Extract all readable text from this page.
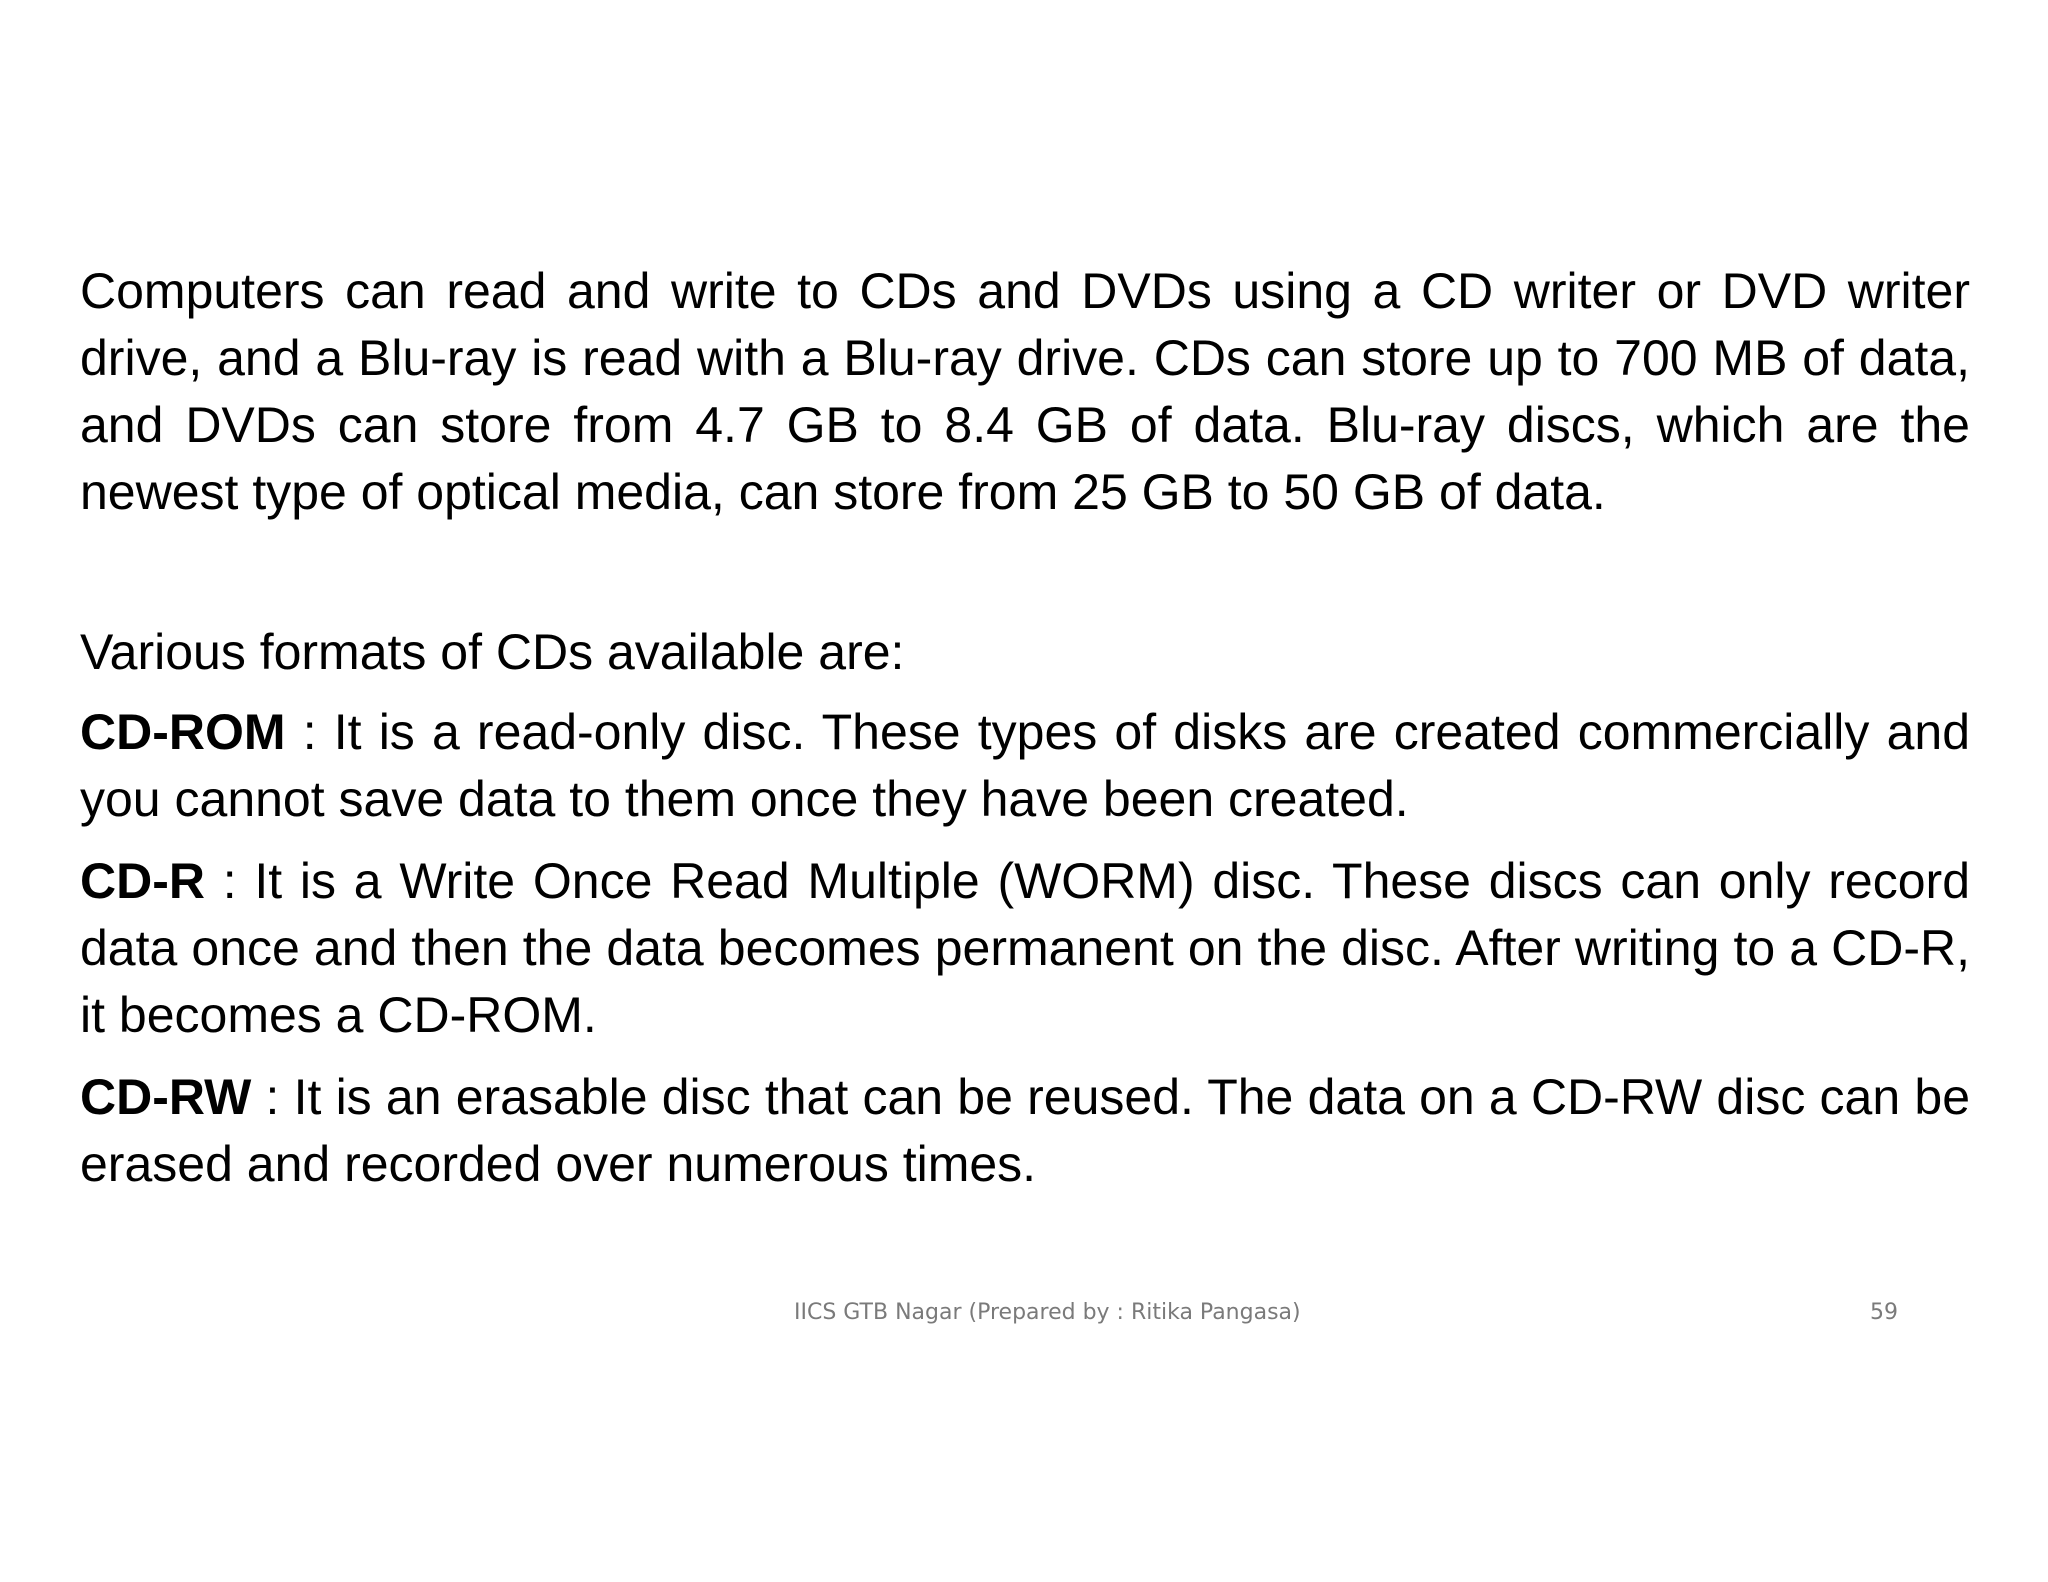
Computers can read and write to CDs and DVDs using a CD writer or DVD writer drive, and a Blu-ray is read with a Blu-ray drive. CDs can store up to 700 MB of data, and DVDs can store from 4.7 GB to 8.4 GB of data. Blu-ray discs, which are the newest type of optical media, can store from 25 GB to 50 GB of data.

Various formats of CDs available are:

CD-ROM : It is a read-only disc. These types of disks are created commercially and you cannot save data to them once they have been created.

CD-R : It is a Write Once Read Multiple (WORM) disc. These discs can only record data once and then the data becomes permanent on the disc. After writing to a CD-R, it becomes a CD-ROM.

CD-RW : It is an erasable disc that can be reused. The data on a CD-RW disc can be erased and recorded over numerous times.

IICS GTB Nagar (Prepared by : Ritika Pangasa)	59
